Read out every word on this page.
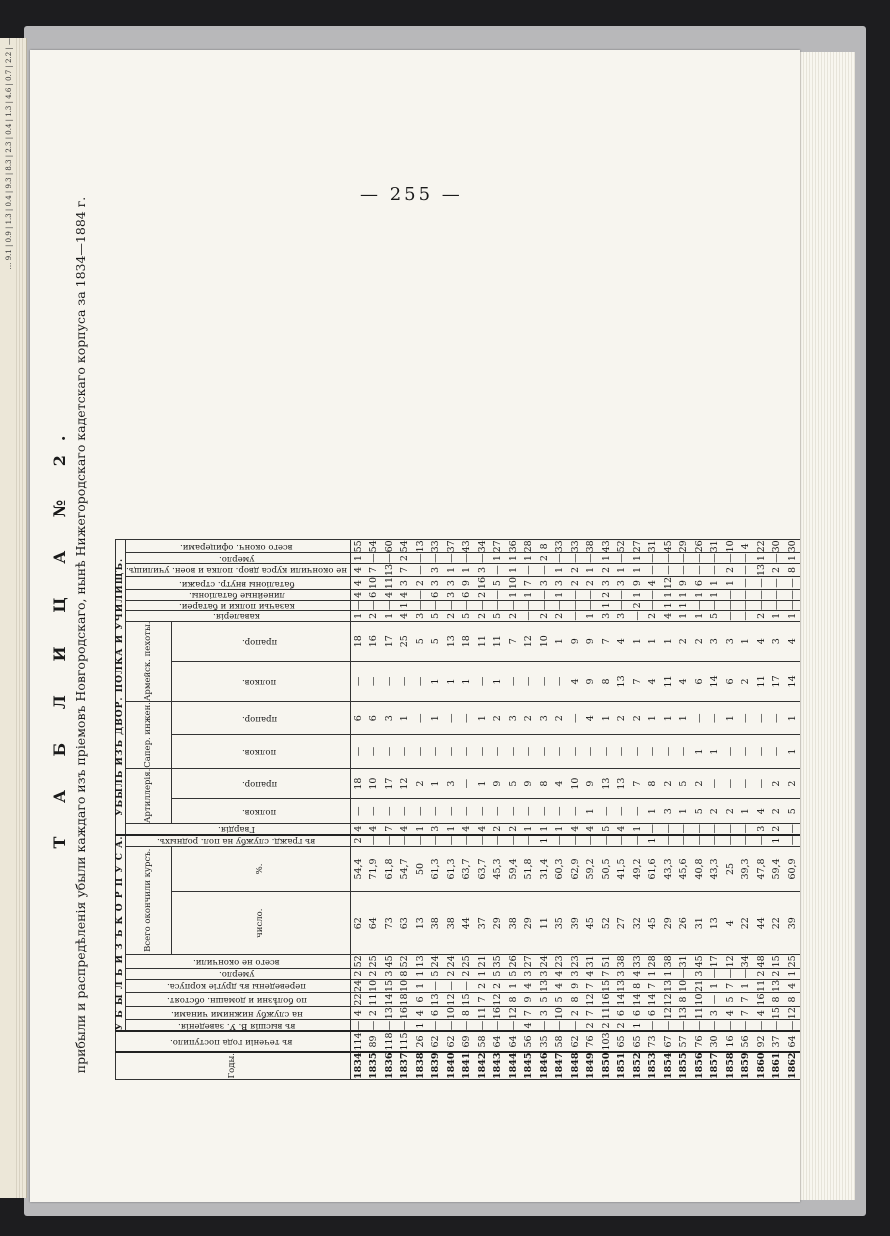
… 9.1 | 0.9 | 1.3 | 0.4 | 9.3 | 8.3 | 2.3 | 0.4 | 1.3 | 4.6 | 0.7 | 2.2 | —	— 255 —
Т А Б Л И Ц А № 2. прибыли и распредѣленія убыли каждаго изъ пріемовъ Новгородскаго, нынѣ Нижегородскаго кадетскаго корпуса за 1834—1884 г.	Годы.	въ теченіи года поступило.	У Б Ы Л Ь И З Ъ К О Р П У С А.									УБЫЛЬ ИЗЪ ДВОР. ПОЛКА И УЧИЛИЩЪ.													
		въ высшія В. У. заведенія.	на службу нижними чинами.	по болѣзни и домашн. обстоят.	переведены въ другіе корпуса.	умерло.	всего не окончили.	Всего окончили курсъ.		въ гражд. службу на пол. родныхъ.	Гвардія.	Артиллерія.		Сапер. инжен.		Армейск. пехоты.		кавалерія.	казачьи полки и батареи.	линейные баталіоны.	баталіоны внутр. стражи.	не окончили курса двор. полка и воен. училищъ.	умерло.	всего оконч. офицерами.
								число.	%.			полков.	прапор.	полков.	прапор.	полков.	прапор.							
1834	114	—	4	22	24	2	52	62	54,4	2	4	—	18	—	6	—	18	1	—	4	4	4	1	55
1835	89	—	2	11	10	2	25	64	71,9	—	4	—	10	—	6	—	16	2	—	6	10	7	—	54
1836	118	—	13	14	15	3	45	73	61,8	—	7	—	17	—	3	—	17	1	—	4	11	13	—	60
1837	115	—	16	18	10	8	52	63	54,7	—	4	—	12	—	1	—	25	4	1	4	3	7	2	54
1838	26	1	4	6	1	1	13	13	50	—	1	—	2	—	—	—	5	3	—	—	2	—	—	13
1839	62	—	6	13	—	5	24	38	61,3	—	3	—	1	—	1	1	5	5	—	6	3	3	—	33
1840	62	—	10	12	—	2	24	38	61,3	—	1	—	3	—	—	1	13	2	—	3	3	1	—	37
1841	69	—	8	15	—	2	25	44	63,7	—	4	—	—	—	—	1	18	5	—	6	9	1	—	43
1842	58	—	11	7	2	1	21	37	63,7	—	4	—	1	—	1	—	11	2	—	2	16	3	—	34
1843	64	—	16	12	2	5	35	29	45,3	—	2	—	9	—	2	1	11	5	—	—	5	—	1	27
1844	64	—	12	8	1	5	26	38	59,4	—	2	—	5	—	3	—	7	2	—	1	10	1	1	36
1845	56	4	7	9	4	3	27	29	51,8	—	1	—	9	—	2	—	12	—	—	1	7	—	1	28
1846	35	—	3	5	13	3	24	11	31,4	1	1	—	8	—	3	—	10	2	—	—	3	—	2	8
1847	58	—	10	5	4	4	23	35	60,3	—	1	—	4	—	2	—	1	2	—	1	3	1	—	33
1848	62	—	2	8	9	3	23	39	62,9	—	4	—	10	—	—	4	9	—	—	—	2	2	—	33
1849	76	2	7	12	7	4	31	45	59,2	—	4	1	9	—	4	9	9	1	—	—	2	1	—	38
1850	103	2	11	16	15	7	51	52	50,5	—	5	—	13	—	1	8	7	3	1	2	3	2	1	43
1851	65	2	6	14	13	3	38	27	41,5	—	4	—	13	—	2	13	4	3	—	—	3	1	—	52
1852	65	1	6	14	8	4	33	32	49,2	—	1	—	7	—	2	7	1	—	2	1	9	1	1	27
1853	73	—	6	14	7	1	28	45	61,6	1	—	1	8	—	1	4	1	2	—	—	4	—	—	31
1854	67	—	12	12	13	1	38	29	43,3	—	—	3	2	—	1	11	1	4	1	1	12	—	—	45
1855	57	—	13	8	10	—	31	26	45,6	—	—	1	5	—	1	4	2	1	1	1	9	—	—	29
1856	76	—	11	10	21	3	45	31	40,8	—	—	5	2	1	—	6	2	1	—	1	6	—	—	26
1857	30	—	3	—	1	—	17	13	43,3	—	—	2	—	1	—	14	3	5	—	1	1	—	—	31
1858	16	—	4	5	7	—	12	4	25	—	—	2	—	—	1	6	3	—	—	—	1	2	—	10
1859	56	—	7	7	1	—	34	22	39,3	—	—	1	—	—	—	2	1	—	—	—	—	—	—	4
1860	92	—	4	16	11	2	48	44	47,8	—	3	4	—	—	—	11	4	2	—	—	—	13	1	22
1861	37	—	15	8	13	2	15	22	59,4	1	2	2	2	—	—	17	3	1	—	—	—	2	—	30
1862	64	—	12	8	4	1	25	39	60,9	—	—	5	2	1	1	14	4	1	—	—	—	8	1	30
